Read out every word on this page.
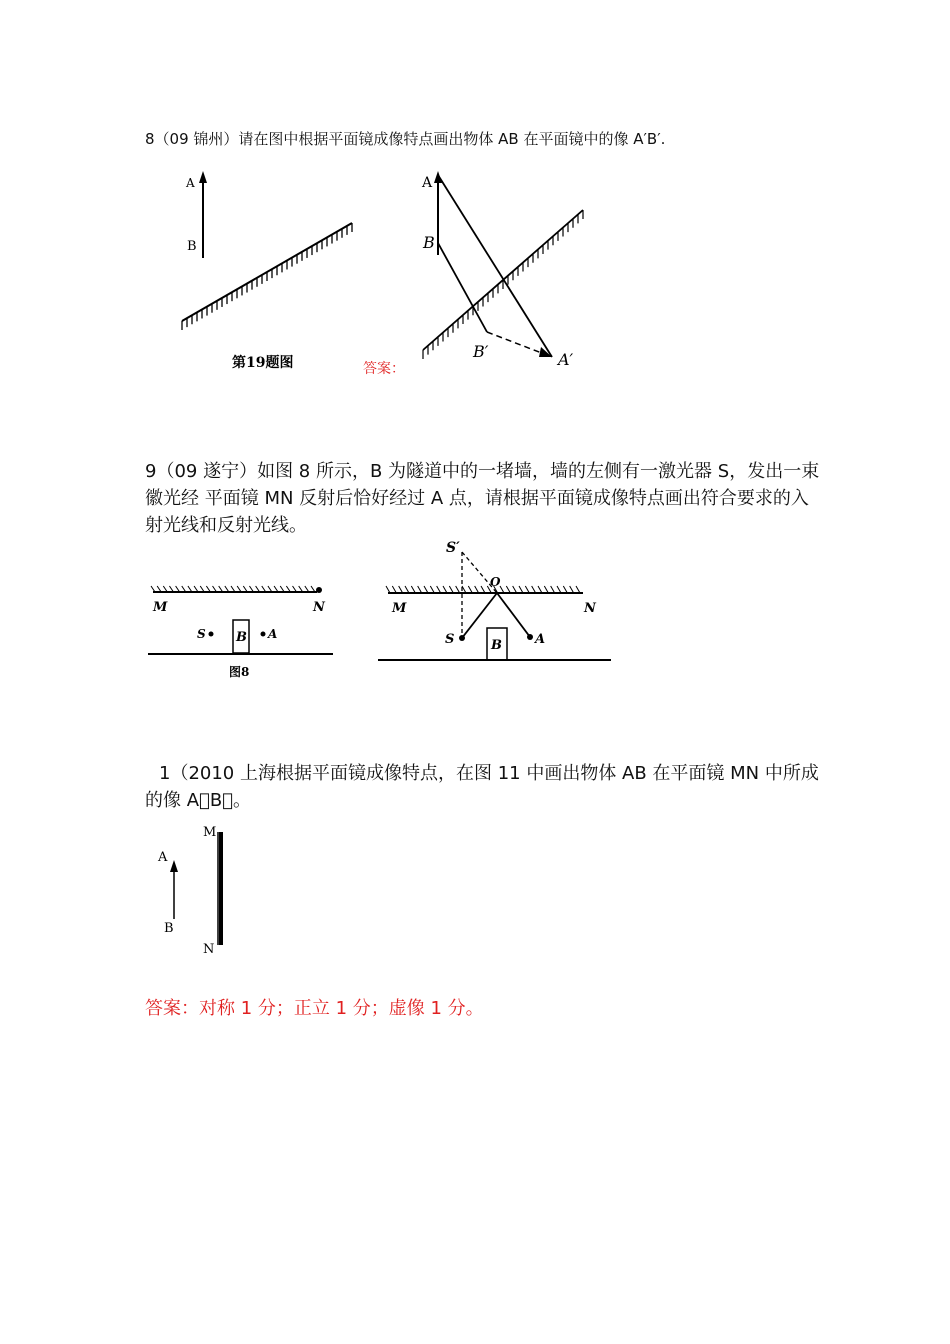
8（09 锦州）请在图中根据平面镜成像特点画出物体 AB 在平面镜中的像 A′B′.
A
B
第19题图
A
B
B′	A′
答案：
9（09 遂宁）如图 8 所示，B 为隧道中的一堵墙，墙的左侧有一激光器 S，发出一束徽光经 平面镜 MN 反射后恰好经过 A 点，请根据平面镜成像特点画出符合要求的入射光线和反射光线。
M	N
B
S	A
图8
S′
O
M	N
S	B	A
1（2010 上海根据平面镜成像特点，在图 11 中画出物体 AB 在平面镜 MN 中所成的像 A B 。
A
B
M
N
答案：对称 1 分；正立 1 分；虚像 1 分。
